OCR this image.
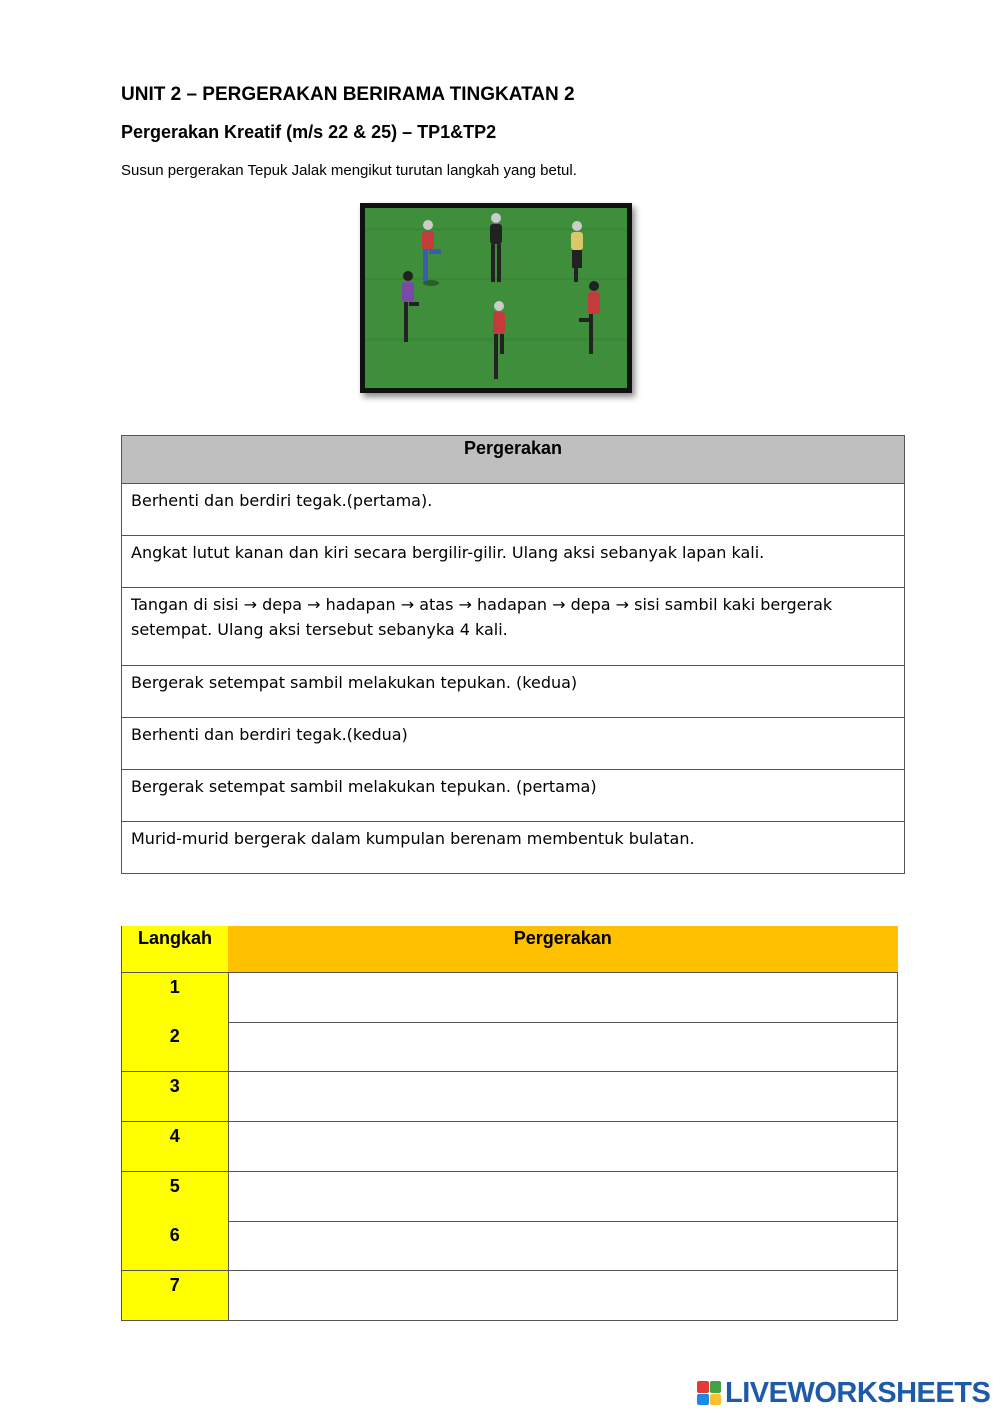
UNIT 2 – PERGERAKAN BERIRAMA TINGKATAN 2
Pergerakan Kreatif (m/s 22 & 25) – TP1&TP2
Susun pergerakan Tepuk Jalak mengikut turutan langkah yang betul.
Pergerakan

Berhenti dan berdiri tegak.(pertama).

Angkat lutut kanan dan kiri secara bergilir-gilir. Ulang aksi sebanyak lapan kali.

Tangan di sisi → depa → hadapan → atas → hadapan → depa → sisi sambil kaki bergerak setempat. Ulang aksi tersebut sebanyka 4 kali.

Bergerak setempat sambil melakukan tepukan. (kedua)

Berhenti dan berdiri tegak.(kedua)

Bergerak setempat sambil melakukan tepukan. (pertama)

Murid-murid bergerak dalam kumpulan berenam membentuk bulatan.
Langkah	Pergerakan
1	
2	
3	
4	
5	
6	
7	
LIVEWORKSHEETS
